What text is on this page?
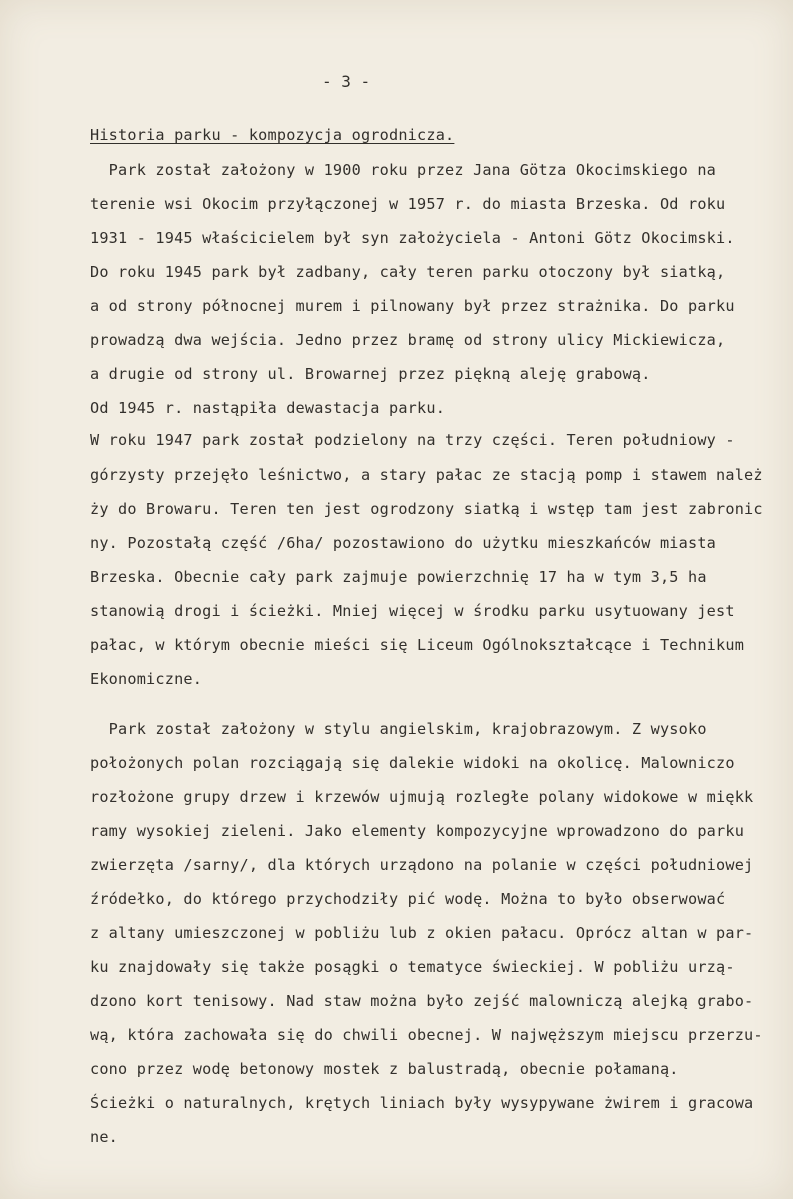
- 3 -
Historia parku - kompozycja ogrodnicza.
Park został założony w 1900 roku przez Jana Götza Okocimskiego na
terenie wsi Okocim przyłączonej w 1957 r. do miasta Brzeska. Od roku
1931 - 1945 właścicielem był syn założyciela - Antoni Götz Okocimski.
Do roku 1945 park był zadbany, cały teren parku otoczony był siatką,
a od strony północnej murem i pilnowany był przez strażnika. Do parku
prowadzą dwa wejścia. Jedno przez bramę od strony ulicy Mickiewicza,
a drugie od strony ul. Browarnej przez piękną aleję grabową.
Od 1945 r. nastąpiła dewastacja parku.
W roku 1947 park został podzielony na trzy części. Teren południowy -
górzysty przejęło leśnictwo, a stary pałac ze stacją pomp i stawem należ
ży do Browaru. Teren ten jest ogrodzony siatką i wstęp tam jest zabronic
ny. Pozostałą część /6ha/ pozostawiono do użytku mieszkańców miasta
Brzeska. Obecnie cały park zajmuje powierzchnię 17 ha w tym 3,5 ha
stanowią drogi i ścieżki. Mniej więcej w środku parku usytuowany jest
pałac, w którym obecnie mieści się Liceum Ogólnokształcące i Technikum
Ekonomiczne.
Park został założony w stylu angielskim, krajobrazowym. Z wysoko
położonych polan rozciągają się dalekie widoki na okolicę. Malowniczo
rozłożone grupy drzew i krzewów ujmują rozległe polany widokowe w miękk
ramy wysokiej zieleni. Jako elementy kompozycyjne wprowadzono do parku
zwierzęta /sarny/, dla których urządono na polanie w części południowej
źródełko, do którego przychodziły pić wodę. Można to było obserwować
z altany umieszczonej w pobliżu lub z okien pałacu. Oprócz altan w par-
ku znajdowały się także posągki o tematyce świeckiej. W pobliżu urzą-
dzono kort tenisowy. Nad staw można było zejść malowniczą alejką grabo-
wą, która zachowała się do chwili obecnej. W najwęższym miejscu przerzu-
cono przez wodę betonowy mostek z balustradą, obecnie połamaną.
Ścieżki o naturalnych, krętych liniach były wysypywane żwirem i gracowa
ne.
